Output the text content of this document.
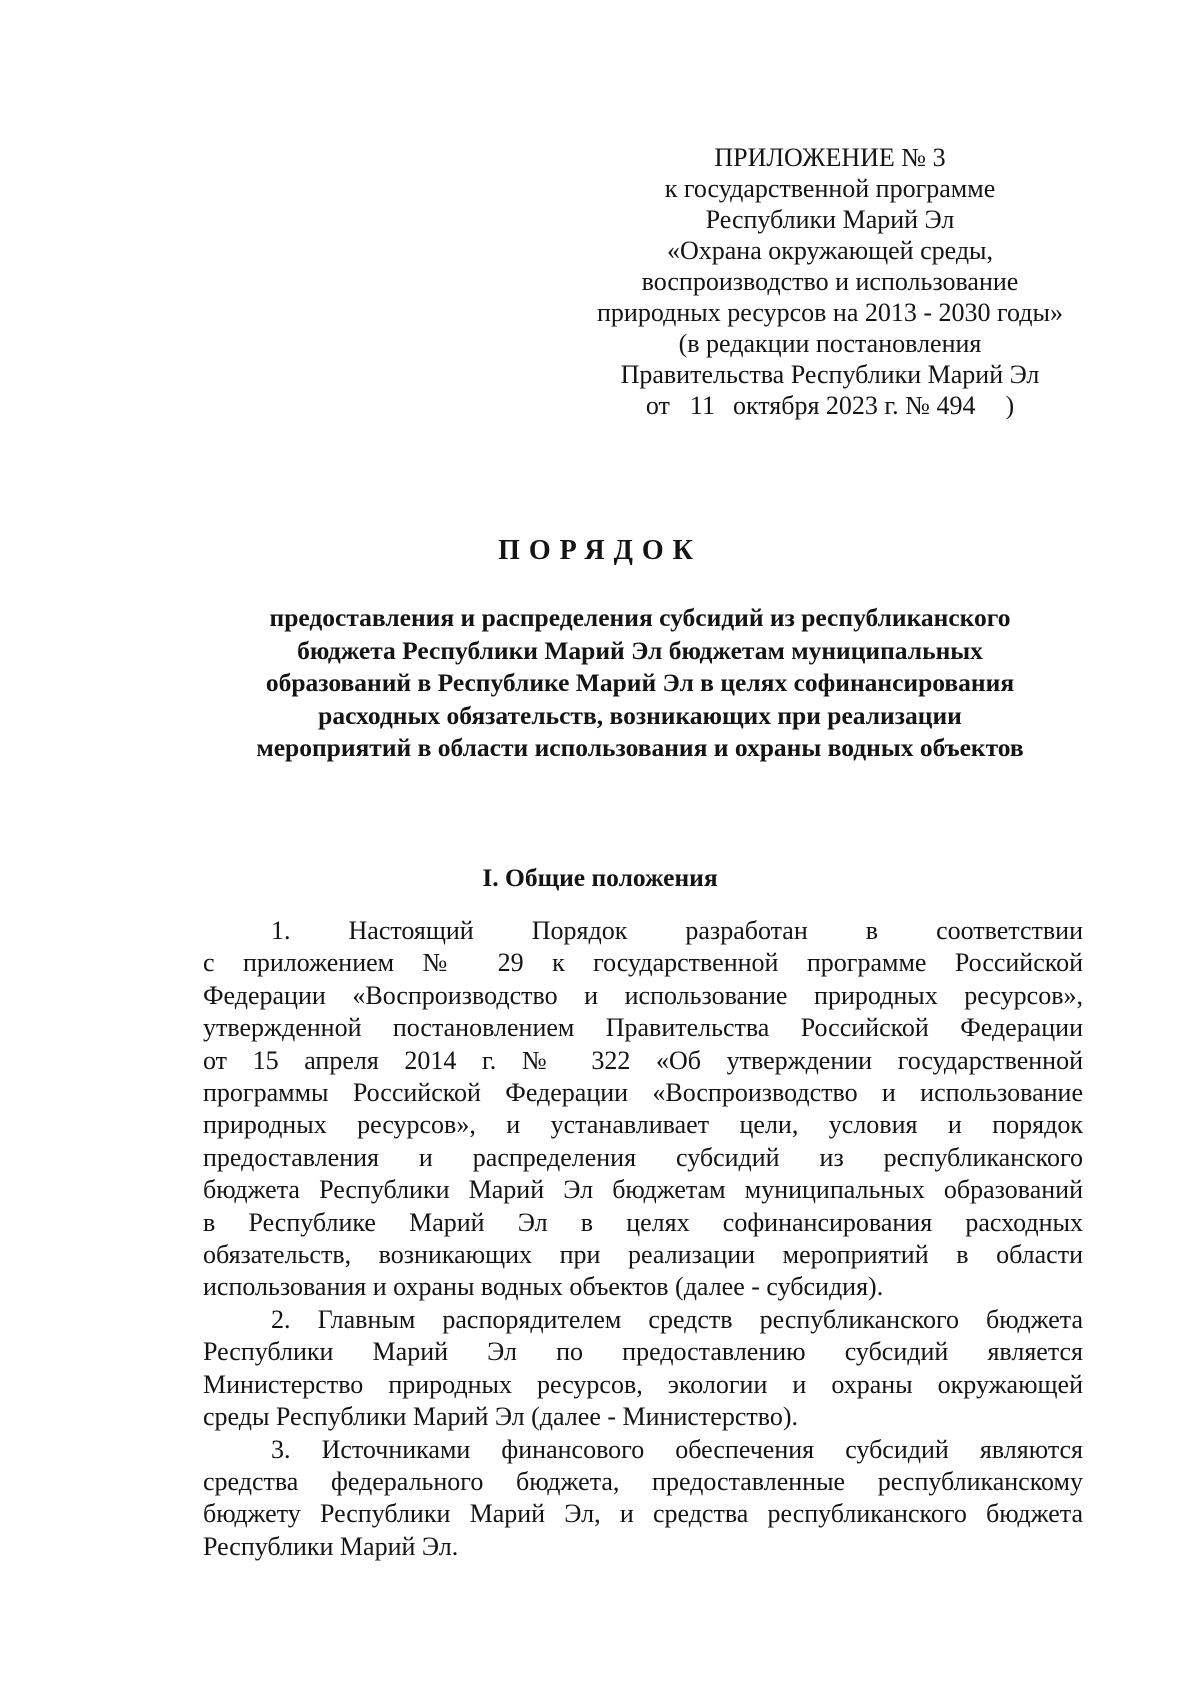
ПРИЛОЖЕНИЕ № 3
к государственной программе
Республики Марий Эл
«Охрана окружающей среды,
воспроизводство и использование
природных ресурсов на 2013 - 2030 годы»
(в редакции постановления
Правительства Республики Марий Эл
от 11 октября 2023 г. № 494 )
ПОРЯДОК
предоставления и распределения субсидий из республиканского
бюджета Республики Марий Эл бюджетам муниципальных
образований в Республике Марий Эл в целях софинансирования
расходных обязательств, возникающих при реализации
мероприятий в области использования и охраны водных объектов
I. Общие положения
1. Настоящий Порядок разработан в соответствии
с приложением № 29 к государственной программе Российской
Федерации «Воспроизводство и использование природных ресурсов»,
утвержденной постановлением Правительства Российской Федерации
от 15 апреля 2014 г. № 322 «Об утверждении государственной
программы Российской Федерации «Воспроизводство и использование
природных ресурсов», и устанавливает цели, условия и порядок
предоставления и распределения субсидий из республиканского
бюджета Республики Марий Эл бюджетам муниципальных образований
в Республике Марий Эл в целях софинансирования расходных
обязательств, возникающих при реализации мероприятий в области
использования и охраны водных объектов (далее - субсидия).
2. Главным распорядителем средств республиканского бюджета
Республики Марий Эл по предоставлению субсидий является
Министерство природных ресурсов, экологии и охраны окружающей
среды Республики Марий Эл (далее - Министерство).
3. Источниками финансового обеспечения субсидий являются
средства федерального бюджета, предоставленные республиканскому
бюджету Республики Марий Эл, и средства республиканского бюджета
Республики Марий Эл.
